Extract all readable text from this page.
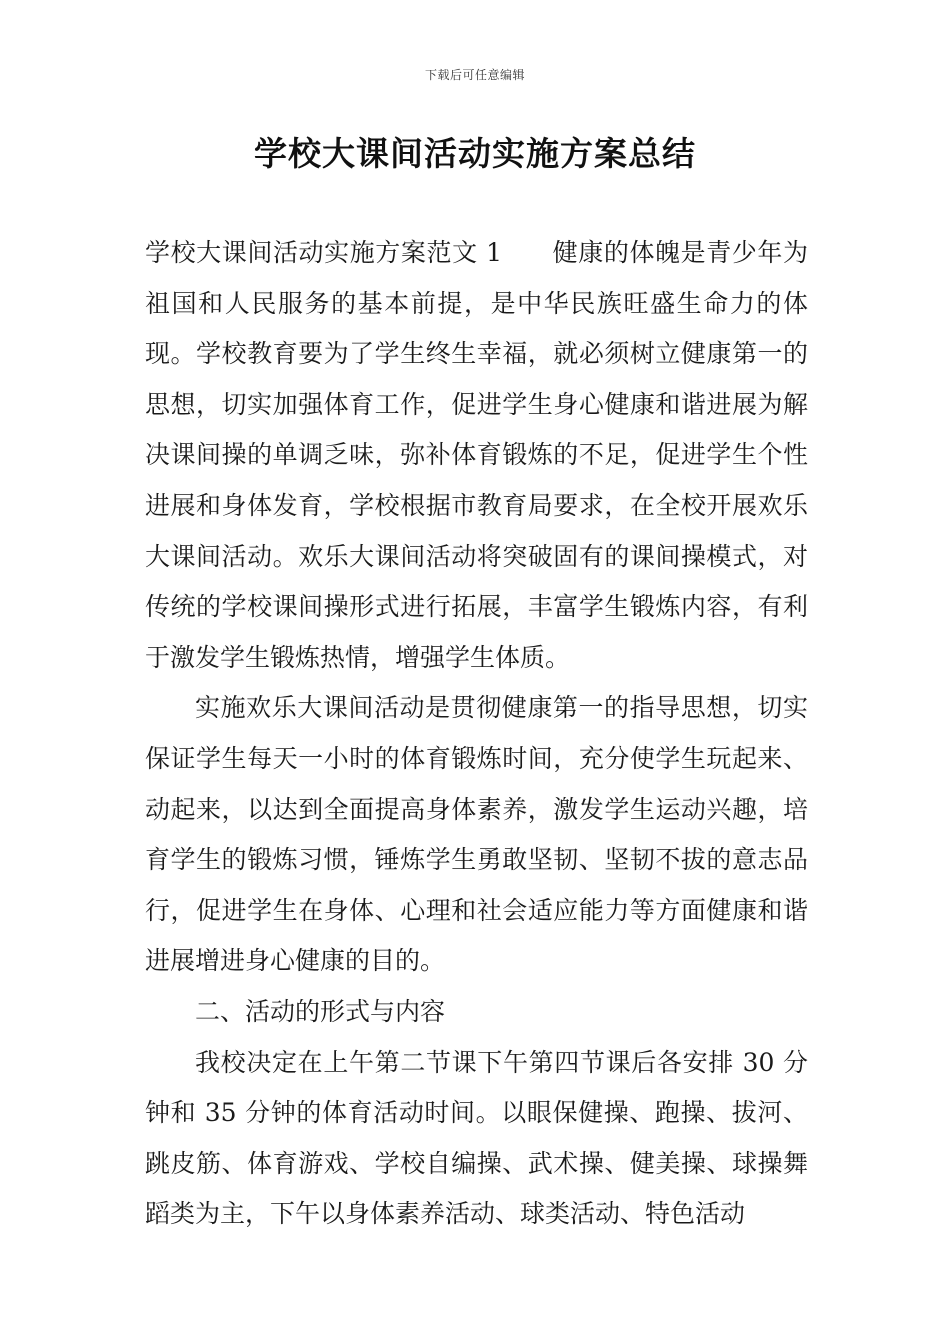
下载后可任意编辑
学校大课间活动实施方案总结

学校大课间活动实施方案范文 1 健康的体魄是青少年为祖国和人民服务的基本前提，是中华民族旺盛生命力的体现。学校教育要为了学生终生幸福，就必须树立健康第一的思想，切实加强体育工作，促进学生身心健康和谐进展为解决课间操的单调乏味，弥补体育锻炼的不足，促进学生个性进展和身体发育，学校根据市教育局要求，在全校开展欢乐大课间活动。欢乐大课间活动将突破固有的课间操模式，对传统的学校课间操形式进行拓展，丰富学生锻炼内容，有利于激发学生锻炼热情，增强学生体质。

实施欢乐大课间活动是贯彻健康第一的指导思想，切实保证学生每天一小时的体育锻炼时间，充分使学生玩起来、动起来，以达到全面提高身体素养，激发学生运动兴趣，培育学生的锻炼习惯，锤炼学生勇敢坚韧、坚韧不拔的意志品行，促进学生在身体、心理和社会适应能力等方面健康和谐进展增进身心健康的目的。

二、活动的形式与内容

我校决定在上午第二节课下午第四节课后各安排 30 分钟和 35 分钟的体育活动时间。以眼保健操、跑操、拔河、跳皮筋、体育游戏、学校自编操、武术操、健美操、球操舞蹈类为主，下午以身体素养活动、球类活动、特色活动
